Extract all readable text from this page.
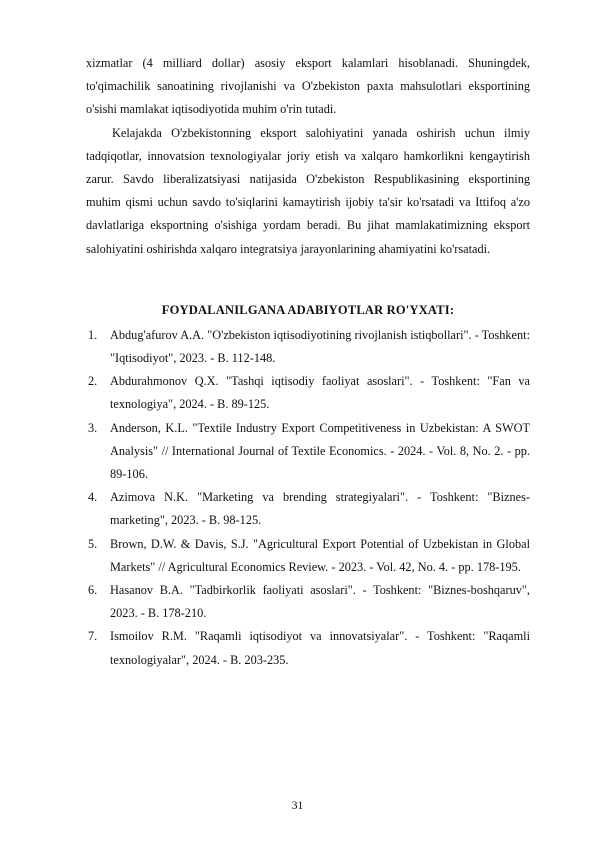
xizmatlar (4 milliard dollar) asosiy eksport kalamlari hisoblanadi. Shuningdek, to'qimachilik sanoatining rivojlanishi va O'zbekiston paxta mahsulotlari eksportining o'sishi mamlakat iqtisodiyotida muhim o'rin tutadi.

Kelajakda O'zbekistonning eksport salohiyatini yanada oshirish uchun ilmiy tadqiqotlar, innovatsion texnologiyalar joriy etish va xalqaro hamkorlikni kengaytirish zarur. Savdo liberalizatsiyasi natijasida O'zbekiston Respublikasining eksportining muhim qismi uchun savdo to'siqlarini kamaytirish ijobiy ta'sir ko'rsatadi va Ittifoq a'zo davlatlariga eksportning o'sishiga yordam beradi. Bu jihat mamlakatimizning eksport salohiyatini oshirishda xalqaro integratsiya jarayonlarining ahamiyatini ko'rsatadi.

FOYDALANILGANA ADABIYOTLAR RO'YXATI:
1. Abdug'afurov A.A. "O'zbekiston iqtisodiyotining rivojlanish istiqbollari". - Toshkent: "Iqtisodiyot", 2023. - B. 112-148.
2. Abdurahmonov Q.X. "Tashqi iqtisodiy faoliyat asoslari". - Toshkent: "Fan va texnologiya", 2024. - B. 89-125.
3. Anderson, K.L. "Textile Industry Export Competitiveness in Uzbekistan: A SWOT Analysis" // International Journal of Textile Economics. - 2024. - Vol. 8, No. 2. - pp. 89-106.
4. Azimova N.K. "Marketing va brending strategiyalari". - Toshkent: "Biznes-marketing", 2023. - B. 98-125.
5. Brown, D.W. & Davis, S.J. "Agricultural Export Potential of Uzbekistan in Global Markets" // Agricultural Economics Review. - 2023. - Vol. 42, No. 4. - pp. 178-195.
6. Hasanov B.A. "Tadbirkorlik faoliyati asoslari". - Toshkent: "Biznes-boshqaruv", 2023. - B. 178-210.
7. Ismoilov R.M. "Raqamli iqtisodiyot va innovatsiyalar". - Toshkent: "Raqamli texnologiyalar", 2024. - B. 203-235.
31
